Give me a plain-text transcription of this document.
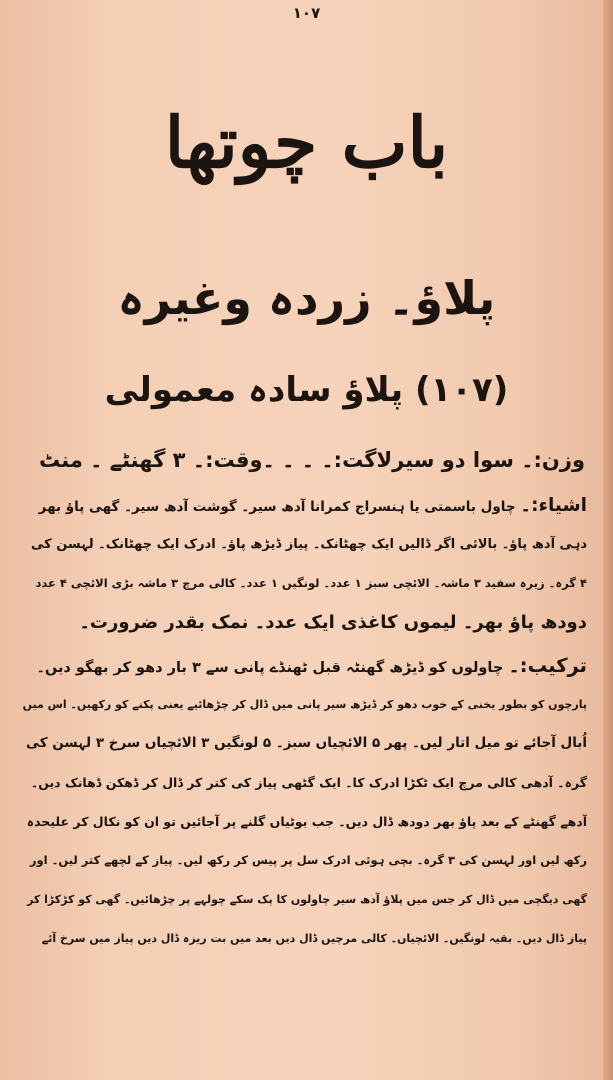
۱۰۷
باب چوتھا
پلاؤ۔ زردہ وغیرہ
(۱۰۷) پلاؤ سادہ معمولی
وزن:۔ سوا دو سیر
لاگت:۔ ۔ ۔ ۔
وقت:۔ ۳ گھنٹے ۔ منٹ
اشیاء:۔ چاول باسمتی یا ہنسراج کمرانا آدھ سیر۔ گوشت آدھ سیر۔ گھی پاؤ بھر
دہی آدھ پاؤ۔ بالائی اگر ڈالیں ایک چھٹانک۔ پیاز ڈیڑھ پاؤ۔ ادرک ایک چھٹانک۔ لہسن کی
۴ گرہ۔ زیرہ سفید ۳ ماشہ۔ الائچی سبز ۱ عدد۔ لونگیں ۱ عدد۔ کالی مرچ ۳ ماشہ بڑی الائچی ۴ عدد
دودھ پاؤ بھر۔ لیموں کاغذی ایک عدد۔ نمک بقدر ضرورت۔
ترکیب:۔ چاولوں کو ڈیڑھ گھنٹہ قبل ٹھنڈے پانی سے ۳ بار دھو کر بھگو دیں۔
پارچوں کو بطور یخنی کے خوب دھو کر ڈیڑھ سیر پانی میں ڈال کر چڑھائیے یعنی پکنے کو رکھیں۔ اس میں
اُبال آجائے تو میل اتار لیں۔ پھر ۵ الائچیاں سبز۔ ۵ لونگیں ۳ الائچیاں سرخ ۳ لہسن کی
گرہ۔ آدھی کالی مرچ ایک ٹکڑا ادرک کا۔ ایک گٹھی پیاز کی کتر کر ڈال کر ڈھکن ڈھانک دیں۔
آدھے گھنٹے کے بعد پاؤ بھر دودھ ڈال دیں۔ جب بوٹیاں گلنے پر آجائیں تو ان کو نکال کر علیحدہ
رکھ لیں اور لہسن کی ۳ گرہ۔ بچی ہوئی ادرک سل پر پیس کر رکھ لیں۔ پیاز کے لچھے کتر لیں۔ اور
گھی دیگچی میں ڈال کر جس میں پلاؤ آدھ سیر چاولوں کا پک سکے چولہے پر چڑھائیں۔ گھی کو کڑکڑا کر
پیاز ڈال دیں۔ بقیہ لونگیں۔ الائچیاں۔ کالی مرچیں ڈال دیں بعد میں بت ریزہ ڈال دیں پیاز میں سرخ آئے
